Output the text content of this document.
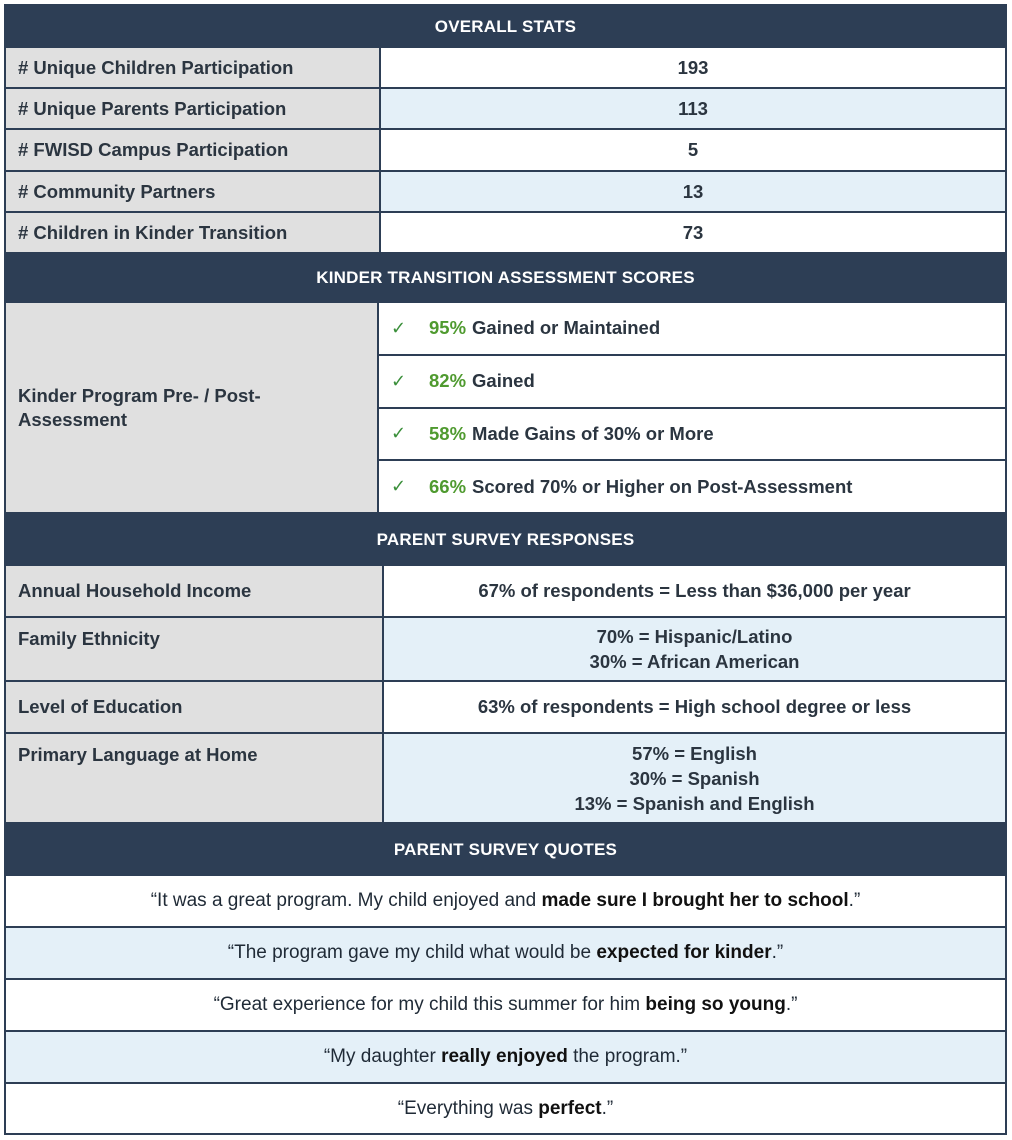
OVERALL STATS
# Unique Children Participation	193
# Unique Parents Participation	113
# FWISD Campus Participation	5
# Community Partners	13
# Children in Kinder Transition	73
KINDER TRANSITION ASSESSMENT SCORES
Kinder Program Pre- / Post-Assessment
✓	95% Gained or Maintained
✓	82% Gained
✓	58% Made Gains of 30% or More
✓	66% Scored 70% or Higher on Post-Assessment
PARENT SURVEY RESPONSES
Annual Household Income	67% of respondents = Less than $36,000 per year
Family Ethnicity	70% = Hispanic/Latino
30% = African American
Level of Education	63% of respondents = High school degree or less
Primary Language at Home	57% = English
30% = Spanish
13% = Spanish and English
PARENT SURVEY QUOTES
“It was a great program. My child enjoyed and made sure I brought her to school.”
“The program gave my child what would be expected for kinder.”
“Great experience for my child this summer for him being so young.”
“My daughter really enjoyed the program.”
“Everything was perfect.”
